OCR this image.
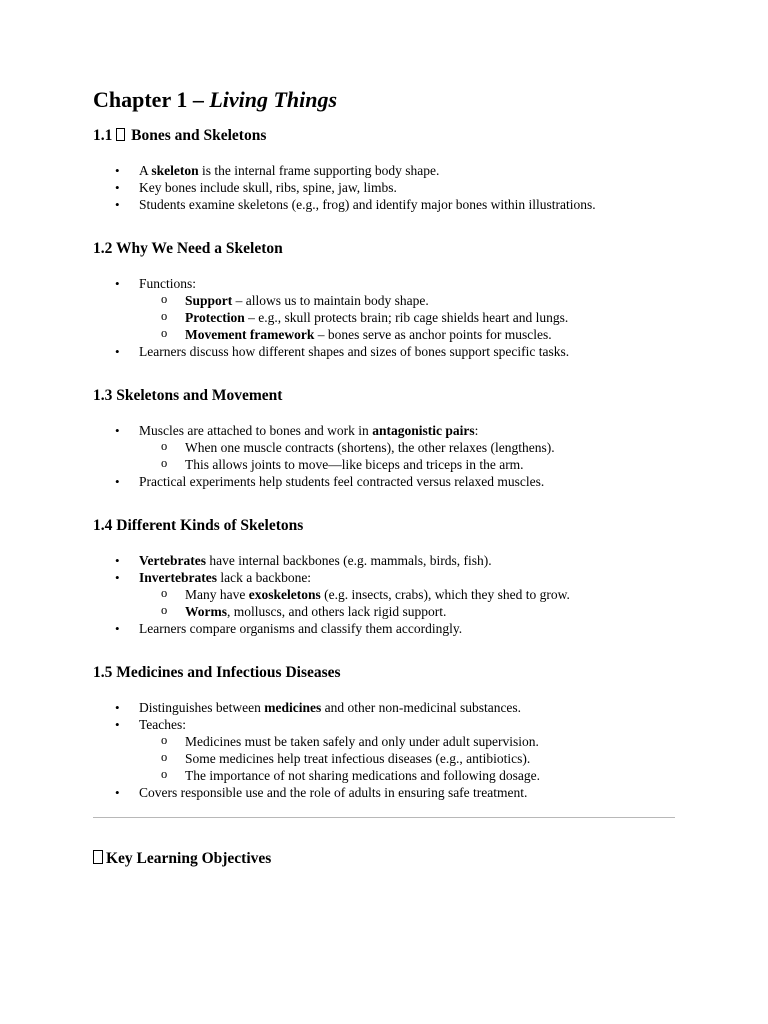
Chapter 1 – Living Things
1.1 Bones and Skeletons
• A skeleton is the internal frame supporting body shape.
• Key bones include skull, ribs, spine, jaw, limbs.
• Students examine skeletons (e.g., frog) and identify major bones within illustrations.
1.2 Why We Need a Skeleton
• Functions:
o Support – allows us to maintain body shape.
o Protection – e.g., skull protects brain; rib cage shields heart and lungs.
o Movement framework – bones serve as anchor points for muscles.
• Learners discuss how different shapes and sizes of bones support specific tasks.
1.3 Skeletons and Movement
• Muscles are attached to bones and work in antagonistic pairs:
o When one muscle contracts (shortens), the other relaxes (lengthens).
o This allows joints to move—like biceps and triceps in the arm.
• Practical experiments help students feel contracted versus relaxed muscles.
1.4 Different Kinds of Skeletons
• Vertebrates have internal backbones (e.g. mammals, birds, fish).
• Invertebrates lack a backbone:
o Many have exoskeletons (e.g. insects, crabs), which they shed to grow.
o Worms, molluscs, and others lack rigid support.
• Learners compare organisms and classify them accordingly.
1.5 Medicines and Infectious Diseases
• Distinguishes between medicines and other non-medicinal substances.
• Teaches:
o Medicines must be taken safely and only under adult supervision.
o Some medicines help treat infectious diseases (e.g., antibiotics).
o The importance of not sharing medications and following dosage.
• Covers responsible use and the role of adults in ensuring safe treatment.
Key Learning Objectives
